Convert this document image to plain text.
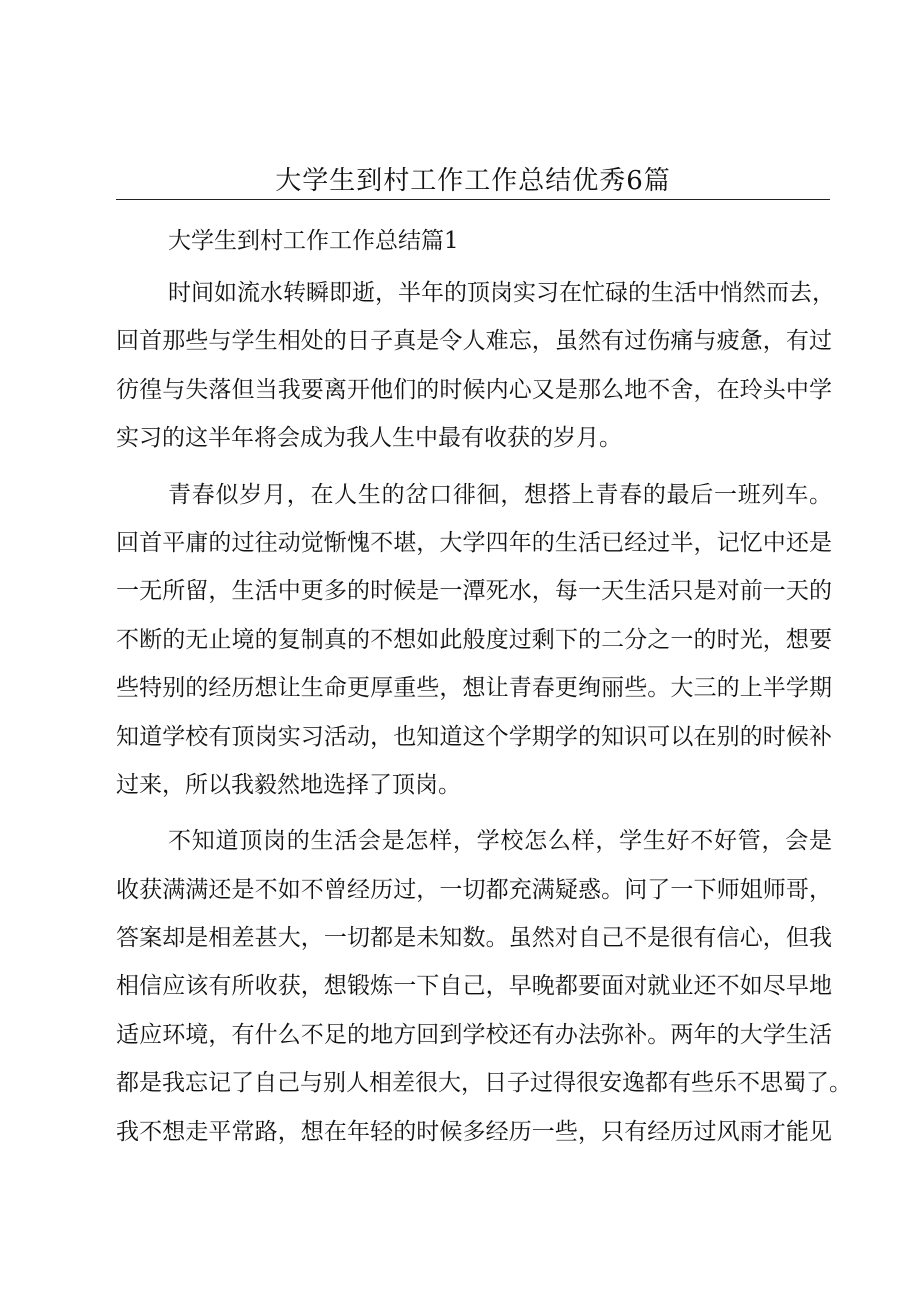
大学生到村工作工作总结优秀6篇

大学生到村工作工作总结篇1

时间如流水转瞬即逝，半年的顶岗实习在忙碌的生活中悄然而去，
回首那些与学生相处的日子真是令人难忘，虽然有过伤痛与疲惫，有过
彷徨与失落但当我要离开他们的时候内心又是那么地不舍，在玲头中学
实习的这半年将会成为我人生中最有收获的岁月。

青春似岁月，在人生的岔口徘徊，想搭上青春的最后一班列车。
回首平庸的过往动觉惭愧不堪，大学四年的生活已经过半，记忆中还是
一无所留，生活中更多的时候是一潭死水，每一天生活只是对前一天的
不断的无止境的复制真的不想如此般度过剩下的二分之一的时光，想要
些特别的经历想让生命更厚重些，想让青春更绚丽些。大三的上半学期
知道学校有顶岗实习活动，也知道这个学期学的知识可以在别的时候补
过来，所以我毅然地选择了顶岗。

不知道顶岗的生活会是怎样，学校怎么样，学生好不好管，会是
收获满满还是不如不曾经历过，一切都充满疑惑。问了一下师姐师哥，
答案却是相差甚大，一切都是未知数。虽然对自己不是很有信心，但我
相信应该有所收获，想锻炼一下自己，早晚都要面对就业还不如尽早地
适应环境，有什么不足的地方回到学校还有办法弥补。两年的大学生活
都是我忘记了自己与别人相差很大，日子过得很安逸都有些乐不思蜀了。
我不想走平常路，想在年轻的时候多经历一些，只有经历过风雨才能见
